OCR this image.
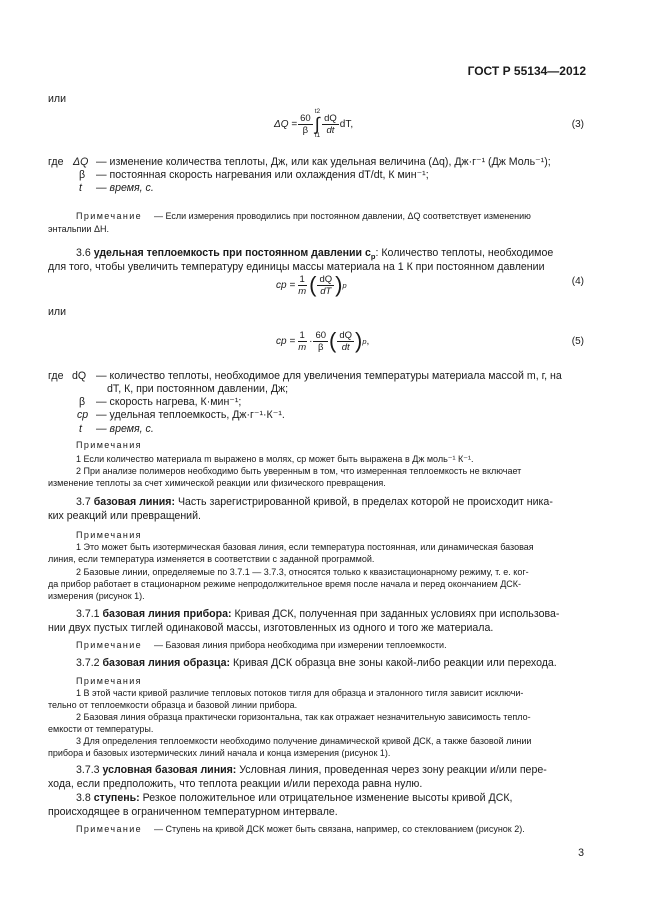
ГОСТ Р 55134—2012
или
$\Delta Q = \frac{60}{\beta}$
t2
∫
$t1 \frac{dQ}{dt}$ dT,	(3)
где ΔQ — изменение количества теплоты, Дж, или как удельная величина (Δq), Дж·г⁻¹ (Дж Моль⁻¹);
β — постоянная скорость нагревания или охлаждения dT/dt, К мин⁻¹;
t — время, с.
Примечание — Если измерения проводились при постоянном давлении, ΔQ соответствует изменению
энтальпии ΔH.
3.6 удельная теплоемкость при постоянном давлении $c_p$: Количество теплоты, необходимое
для того, чтобы увеличить температуру единицы массы материала на 1 К при постоянном давлении
cp = $\frac{1}{m}$ ( $\frac{dQ}{dT}$ ) p	(4)
или
cp = $\frac{1}{m} \cdot \frac{60}{\beta}$ ( $\frac{dQ}{dt}$ ) p ,	(5)
где dQ — количество теплоты, необходимое для увеличения температуры материала массой m, г, на
dT, К, при постоянном давлении, Дж;
β — скорость нагрева, К·мин⁻¹;
cp — удельная теплоемкость, Дж·г⁻¹·К⁻¹.
t — время, с.
Примечания
1 Если количество материала m выражено в молях, cp может быть выражена в Дж моль⁻¹ К⁻¹.
2 При анализе полимеров необходимо быть уверенным в том, что измеренная теплоемкость не включает
изменение теплоты за счет химической реакции или физического превращения.
3.7 базовая линия: Часть зарегистрированной кривой, в пределах которой не происходит ника-
ких реакций или превращений.
Примечания
1 Это может быть изотермическая базовая линия, если температура постоянная, или динамическая базовая
линия, если температура изменяется в соответствии с заданной программой.
2 Базовые линии, определяемые по 3.7.1 — 3.7.3, относятся только к квазистационарному режиму, т. е. ког-
да прибор работает в стационарном режиме непродолжительное время после начала и перед окончанием ДСК-
измерения (рисунок 1).
3.7.1 базовая линия прибора: Кривая ДСК, полученная при заданных условиях при использова-
нии двух пустых тиглей одинаковой массы, изготовленных из одного и того же материала.
Примечание — Базовая линия прибора необходима при измерении теплоемкости.
3.7.2 базовая линия образца: Кривая ДСК образца вне зоны какой-либо реакции или перехода.
Примечания
1 В этой части кривой различие тепловых потоков тигля для образца и эталонного тигля зависит исключи-
тельно от теплоемкости образца и базовой линии прибора.
2 Базовая линия образца практически горизонтальна, так как отражает незначительную зависимость тепло-
емкости от температуры.
3 Для определения теплоемкости необходимо получение динамической кривой ДСК, а также базовой линии
прибора и базовых изотермических линий начала и конца измерения (рисунок 1).
3.7.3 условная базовая линия: Условная линия, проведенная через зону реакции и/или пере-
хода, если предположить, что теплота реакции и/или перехода равна нулю.
3.8 ступень: Резкое положительное или отрицательное изменение высоты кривой ДСК,
происходящее в ограниченном температурном интервале.
Примечание — Ступень на кривой ДСК может быть связана, например, со стеклованием (рисунок 2).
3
